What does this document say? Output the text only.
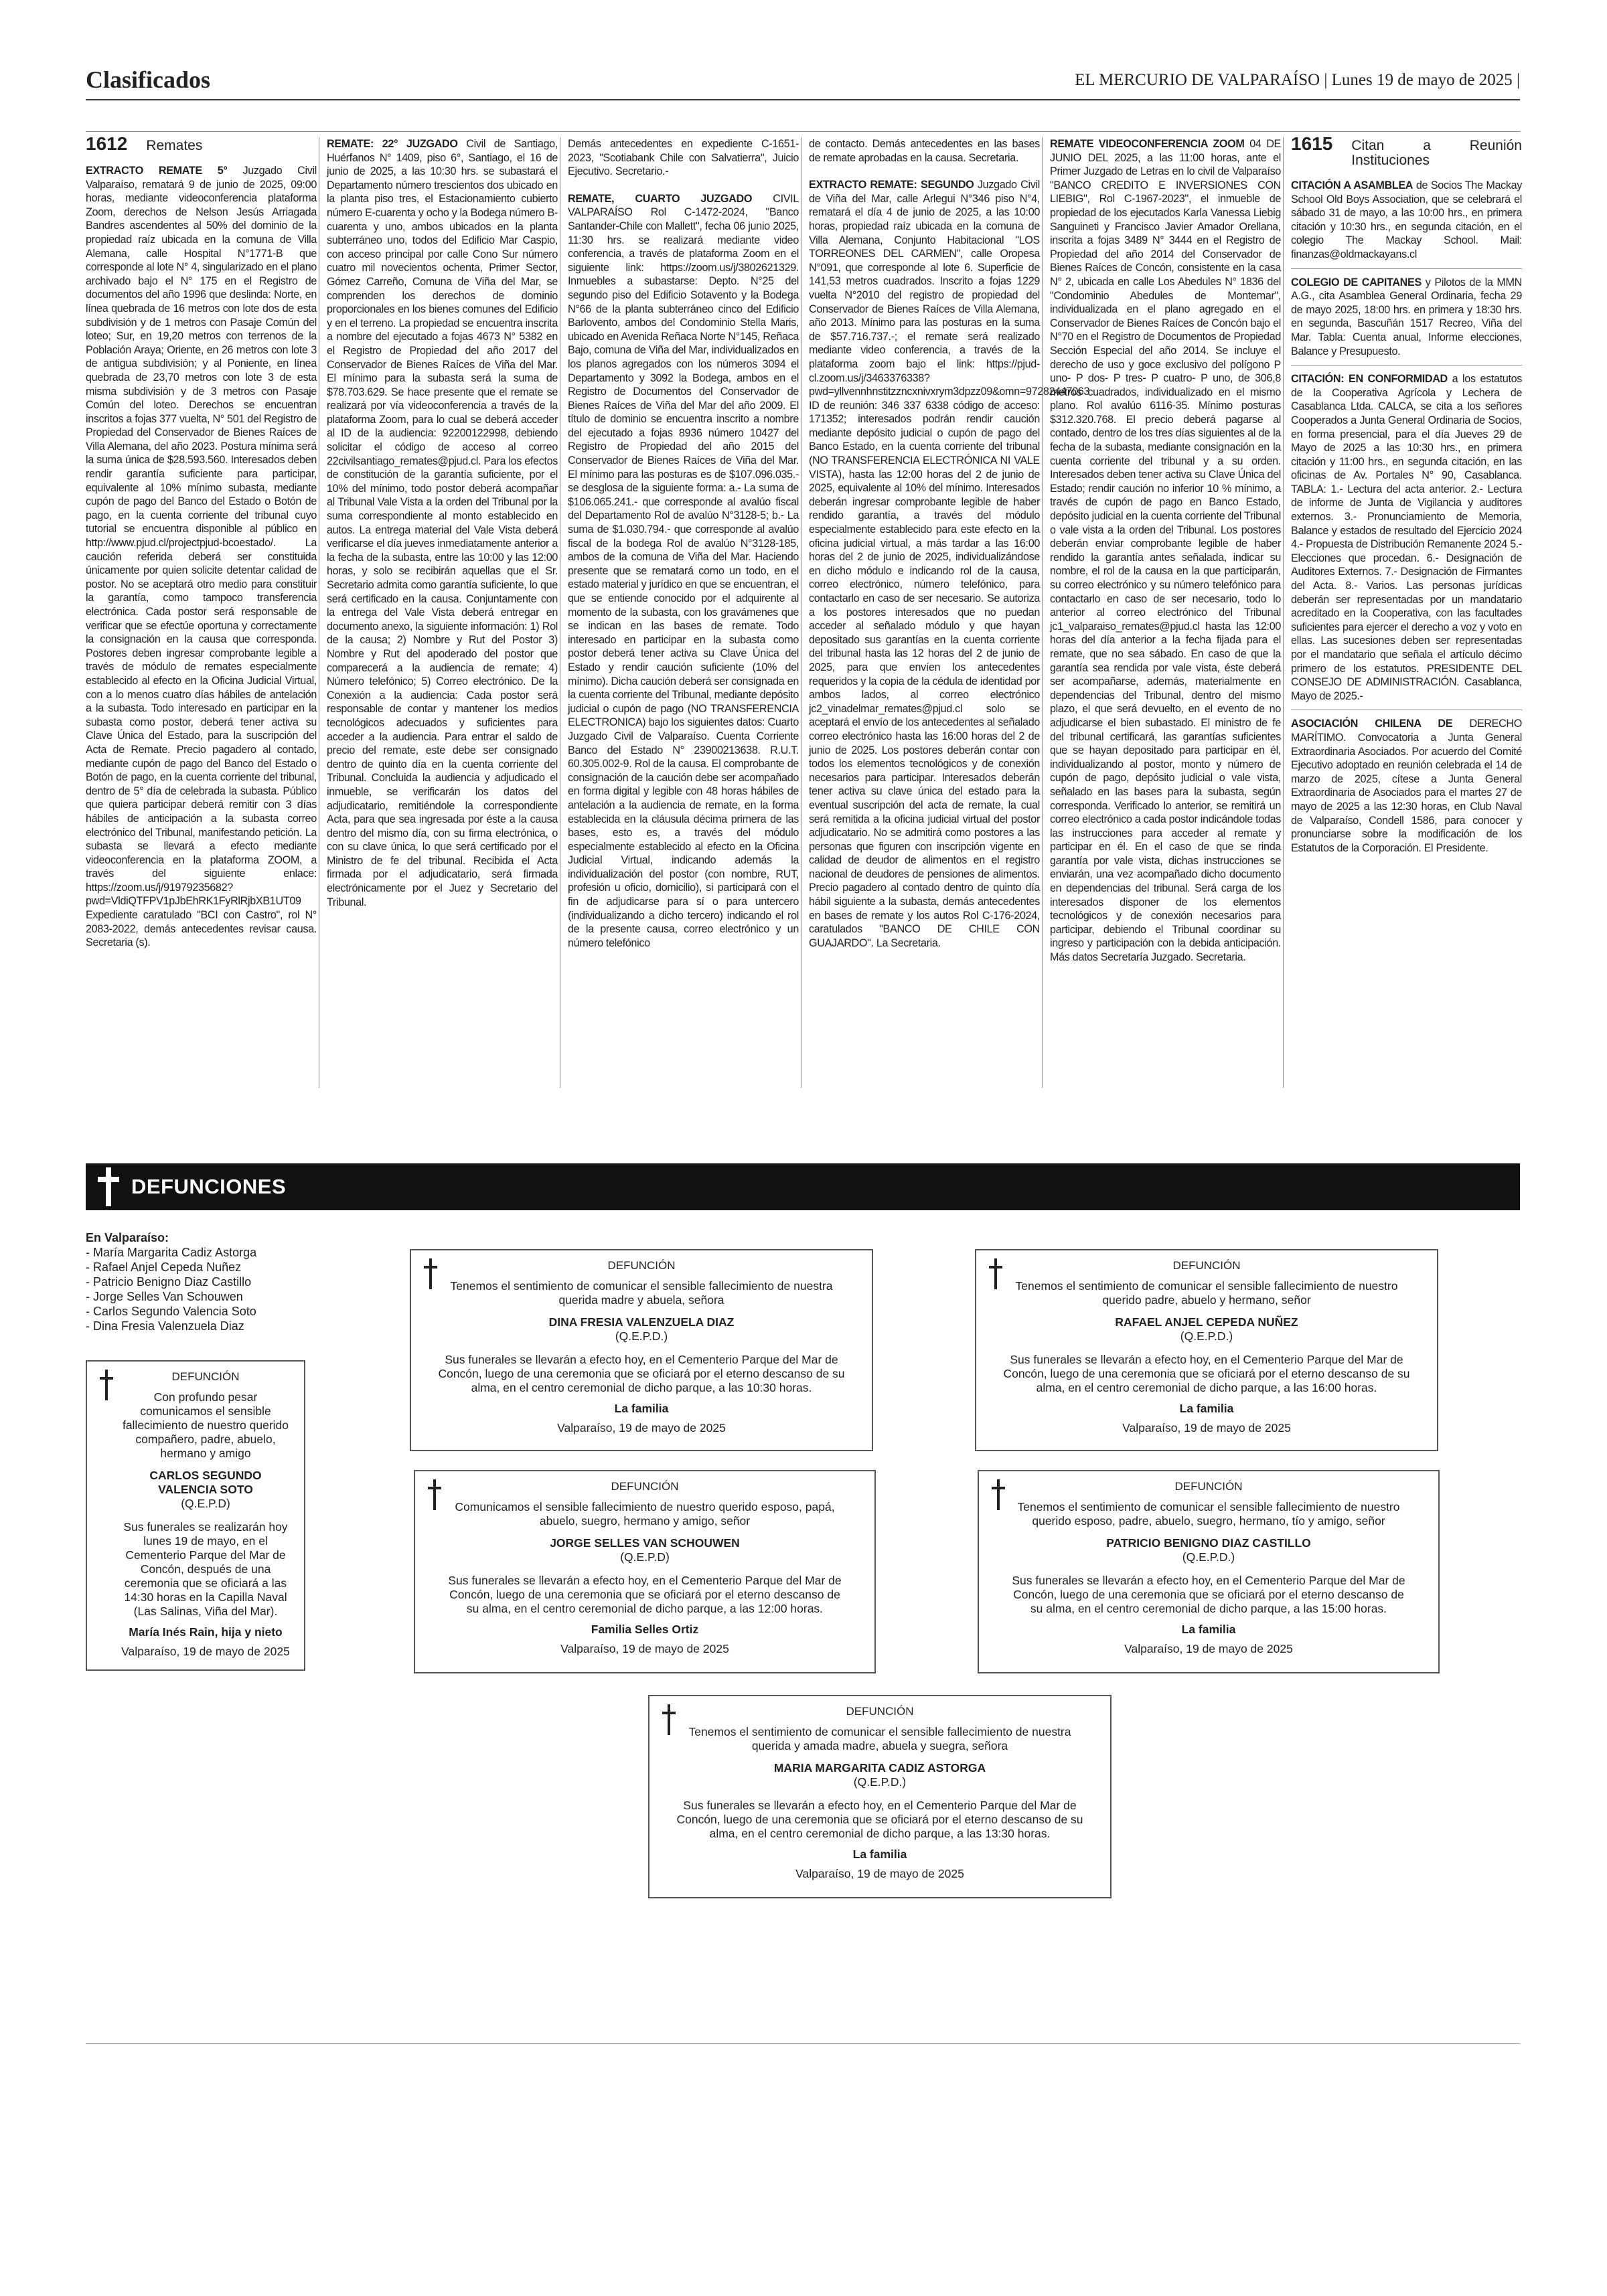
Clasificados	EL MERCURIO DE VALPARAÍSO | Lunes 19 de mayo de 2025 |
1612 Remates

EXTRACTO REMATE 5° Juzgado Civil Valparaíso, rematará 9 de junio de 2025, 09:00 horas, mediante videoconferencia plataforma Zoom, derechos de Nelson Jesús Arriagada Bandres ascendentes al 50% del dominio de la propiedad raíz ubicada en la comuna de Villa Alemana, calle Hospital N°1771-B que corresponde al lote N° 4, singularizado en el plano archivado bajo el N° 175 en el Registro de documentos del año 1996 que deslinda: Norte, en línea quebrada de 16 metros con lote dos de esta subdivisión y de 1 metros con Pasaje Común del loteo; Sur, en 19,20 metros con terrenos de la Población Araya; Oriente, en 26 metros con lote 3 de antigua subdivisión; y al Poniente, en línea quebrada de 23,70 metros con lote 3 de esta misma subdivisión y de 3 metros con Pasaje Común del loteo. Derechos se encuentran inscritos a fojas 377 vuelta, N° 501 del Registro de Propiedad del Conservador de Bienes Raíces de Villa Alemana, del año 2023. Postura mínima será la suma única de $28.593.560. Interesados deben rendir garantía suficiente para participar, equivalente al 10% mínimo subasta, mediante cupón de pago del Banco del Estado o Botón de pago, en la cuenta corriente del tribunal cuyo tutorial se encuentra disponible al público en http://www.pjud.cl/projectpjud-bcoestado/. La caución referida deberá ser constituida únicamente por quien solicite detentar calidad de postor. No se aceptará otro medio para constituir la garantía, como tampoco transferencia electrónica. Cada postor será responsable de verificar que se efectúe oportuna y correctamente la consignación en la causa que corresponda. Postores deben ingresar comprobante legible a través de módulo de remates especialmente establecido al efecto en la Oficina Judicial Virtual, con a lo menos cuatro días hábiles de antelación a la subasta. Todo interesado en participar en la subasta como postor, deberá tener activa su Clave Única del Estado, para la suscripción del Acta de Remate. Precio pagadero al contado, mediante cupón de pago del Banco del Estado o Botón de pago, en la cuenta corriente del tribunal, dentro de 5° día de celebrada la subasta. Público que quiera participar deberá remitir con 3 días hábiles de anticipación a la subasta correo electrónico del Tribunal, manifestando petición. La subasta se llevará a efecto mediante videoconferencia en la plataforma ZOOM, a través del siguiente enlace: https://zoom.us/j/91979235682?pwd=VldiQTFPV1pJbEhRK1FyRlRjbXB1UT09 Expediente caratulado "BCI con Castro", rol N° 2083-2022, demás antecedentes revisar causa. Secretaria (s).

REMATE: 22° JUZGADO Civil de Santiago, Huérfanos N° 1409, piso 6°, Santiago, el 16 de junio de 2025, a las 10:30 hrs. se subastará el Departamento número trescientos dos ubicado en la planta piso tres, el Estacionamiento cubierto número E-cuarenta y ocho y la Bodega número B-cuarenta y uno, ambos ubicados en la planta subterráneo uno, todos del Edificio Mar Caspio, con acceso principal por calle Cono Sur número cuatro mil novecientos ochenta, Primer Sector, Gómez Carreño, Comuna de Viña del Mar, se comprenden los derechos de dominio proporcionales en los bienes comunes del Edificio y en el terreno. La propiedad se encuentra inscrita a nombre del ejecutado a fojas 4673 N° 5382 en el Registro de Propiedad del año 2017 del Conservador de Bienes Raíces de Viña del Mar. El mínimo para la subasta será la suma de $78.703.629. Se hace presente que el remate se realizará por vía videoconferencia a través de la plataforma Zoom, para lo cual se deberá acceder al ID de la audiencia: 92200122998, debiendo solicitar el código de acceso al correo 22civilsantiago_remates@pjud.cl. Para los efectos de constitución de la garantía suficiente, por el 10% del mínimo, todo postor deberá acompañar al Tribunal Vale Vista a la orden del Tribunal por la suma correspondiente al monto establecido en autos. La entrega material del Vale Vista deberá verificarse el día jueves inmediatamente anterior a la fecha de la subasta, entre las 10:00 y las 12:00 horas, y solo se recibirán aquellas que el Sr. Secretario admita como garantía suficiente, lo que será certificado en la causa. Conjuntamente con la entrega del Vale Vista deberá entregar en documento anexo, la siguiente información: 1) Rol de la causa; 2) Nombre y Rut del Postor 3) Nombre y Rut del apoderado del postor que comparecerá a la audiencia de remate; 4) Número telefónico; 5) Correo electrónico. De la Conexión a la audiencia: Cada postor será responsable de contar y mantener los medios tecnológicos adecuados y suficientes para acceder a la audiencia. Para entrar el saldo de precio del remate, este debe ser consignado dentro de quinto día en la cuenta corriente del Tribunal. Concluida la audiencia y adjudicado el inmueble, se verificarán los datos del adjudicatario, remitiéndole la correspondiente Acta, para que sea ingresada por éste a la causa dentro del mismo día, con su firma electrónica, o con su clave única, lo que será certificado por el Ministro de fe del tribunal. Recibida el Acta firmada por el adjudicatario, será firmada electrónicamente por el Juez y Secretario del Tribunal.

Demás antecedentes en expediente C-1651-2023, "Scotiabank Chile con Salvatierra", Juicio Ejecutivo. Secretario.-

REMATE, CUARTO JUZGADO CIVIL VALPARAÍSO Rol C-1472-2024, "Banco Santander-Chile con Mallett", fecha 06 junio 2025, 11:30 hrs. se realizará mediante video conferencia, a través de plataforma Zoom en el siguiente link: https://zoom.us/j/3802621329. Inmuebles a subastarse: Depto. N°25 del segundo piso del Edificio Sotavento y la Bodega N°66 de la planta subterráneo cinco del Edificio Barlovento, ambos del Condominio Stella Maris, ubicado en Avenida Reñaca Norte N°145, Reñaca Bajo, comuna de Viña del Mar, individualizados en los planos agregados con los números 3094 el Departamento y 3092 la Bodega, ambos en el Registro de Documentos del Conservador de Bienes Raíces de Viña del Mar del año 2009. El título de dominio se encuentra inscrito a nombre del ejecutado a fojas 8936 número 10427 del Registro de Propiedad del año 2015 del Conservador de Bienes Raíces de Viña del Mar. El mínimo para las posturas es de $107.096.035.- se desglosa de la siguiente forma: a.- La suma de $106.065.241.- que corresponde al avalúo fiscal del Departamento Rol de avalúo N°3128-5; b.- La suma de $1.030.794.- que corresponde al avalúo fiscal de la bodega Rol de avalúo N°3128-185, ambos de la comuna de Viña del Mar. Haciendo presente que se rematará como un todo, en el estado material y jurídico en que se encuentran, el que se entiende conocido por el adquirente al momento de la subasta, con los gravámenes que se indican en las bases de remate. Todo interesado en participar en la subasta como postor deberá tener activa su Clave Única del Estado y rendir caución suficiente (10% del mínimo). Dicha caución deberá ser consignada en la cuenta corriente del Tribunal, mediante depósito judicial o cupón de pago (NO TRANSFERENCIA ELECTRONICA) bajo los siguientes datos: Cuarto Juzgado Civil de Valparaíso. Cuenta Corriente Banco del Estado N° 23900213638. R.U.T. 60.305.002-9. Rol de la causa. El comprobante de consignación de la caución debe ser acompañado en forma digital y legible con 48 horas hábiles de antelación a la audiencia de remate, en la forma establecida en la cláusula décima primera de las bases, esto es, a través del módulo especialmente establecido al efecto en la Oficina Judicial Virtual, indicando además la individualización del postor (con nombre, RUT, profesión u oficio, domicilio), si participará con el fin de adjudicarse para sí o para untercero (individualizando a dicho tercero) indicando el rol de la presente causa, correo electrónico y un número telefónico

de contacto. Demás antecedentes en las bases de remate aprobadas en la causa. Secretaria.

EXTRACTO REMATE: SEGUNDO Juzgado Civil de Viña del Mar, calle Arlegui N°346 piso N°4, rematará el día 4 de junio de 2025, a las 10:00 horas, propiedad raíz ubicada en la comuna de Villa Alemana, Conjunto Habitacional "LOS TORREONES DEL CARMEN", calle Oropesa N°091, que corresponde al lote 6. Superficie de 141,53 metros cuadrados. Inscrito a fojas 1229 vuelta N°2010 del registro de propiedad del Conservador de Bienes Raíces de Villa Alemana, año 2013. Mínimo para las posturas en la suma de $57.716.737.-; el remate será realizado mediante video conferencia, a través de la plataforma zoom bajo el link: https://pjud-cl.zoom.us/j/3463376338?pwd=yllvennhnstitzzncxnivxrym3dpzz09&omn=97282447063 ID de reunión: 346 337 6338 código de acceso: 171352; interesados podrán rendir caución mediante depósito judicial o cupón de pago del Banco Estado, en la cuenta corriente del tribunal (NO TRANSFERENCIA ELECTRÓNICA NI VALE VISTA), hasta las 12:00 horas del 2 de junio de 2025, equivalente al 10% del mínimo. Interesados deberán ingresar comprobante legible de haber rendido garantía, a través del módulo especialmente establecido para este efecto en la oficina judicial virtual, a más tardar a las 16:00 horas del 2 de junio de 2025, individualizándose en dicho módulo e indicando rol de la causa, correo electrónico, número telefónico, para contactarlo en caso de ser necesario. Se autoriza a los postores interesados que no puedan acceder al señalado módulo y que hayan depositado sus garantías en la cuenta corriente del tribunal hasta las 12 horas del 2 de junio de 2025, para que envíen los antecedentes requeridos y la copia de la cédula de identidad por ambos lados, al correo electrónico jc2_vinadelmar_remates@pjud.cl solo se aceptará el envío de los antecedentes al señalado correo electrónico hasta las 16:00 horas del 2 de junio de 2025. Los postores deberán contar con todos los elementos tecnológicos y de conexión necesarios para participar. Interesados deberán tener activa su clave única del estado para la eventual suscripción del acta de remate, la cual será remitida a la oficina judicial virtual del postor adjudicatario. No se admitirá como postores a las personas que figuren con inscripción vigente en calidad de deudor de alimentos en el registro nacional de deudores de pensiones de alimentos. Precio pagadero al contado dentro de quinto día hábil siguiente a la subasta, demás antecedentes en bases de remate y los autos Rol C-176-2024, caratulados "BANCO DE CHILE CON GUAJARDO". La Secretaria.

REMATE VIDEOCONFERENCIA ZOOM 04 DE JUNIO DEL 2025, a las 11:00 horas, ante el Primer Juzgado de Letras en lo civil de Valparaíso "BANCO CREDITO E INVERSIONES CON LIEBIG", Rol C-1967-2023", el inmueble de propiedad de los ejecutados Karla Vanessa Liebig Sanguineti y Francisco Javier Amador Orellana, inscrita a fojas 3489 N° 3444 en el Registro de Propiedad del año 2014 del Conservador de Bienes Raíces de Concón, consistente en la casa N° 2, ubicada en calle Los Abedules N° 1836 del "Condominio Abedules de Montemar", individualizada en el plano agregado en el Conservador de Bienes Raíces de Concón bajo el N°70 en el Registro de Documentos de Propiedad Sección Especial del año 2014. Se incluye el derecho de uso y goce exclusivo del polígono P uno- P dos- P tres- P cuatro- P uno, de 306,8 metros cuadrados, individualizado en el mismo plano. Rol avalúo 6116-35. Mínimo posturas $312.320.768. El precio deberá pagarse al contado, dentro de los tres días siguientes al de la fecha de la subasta, mediante consignación en la cuenta corriente del tribunal y a su orden. Interesados deben tener activa su Clave Única del Estado; rendir caución no inferior 10 % mínimo, a través de cupón de pago en Banco Estado, depósito judicial en la cuenta corriente del Tribunal o vale vista a la orden del Tribunal. Los postores deberán enviar comprobante legible de haber rendido la garantía antes señalada, indicar su nombre, el rol de la causa en la que participarán, su correo electrónico y su número telefónico para contactarlo en caso de ser necesario, todo lo anterior al correo electrónico del Tribunal jc1_valparaiso_remates@pjud.cl hasta las 12:00 horas del día anterior a la fecha fijada para el remate, que no sea sábado. En caso de que la garantía sea rendida por vale vista, éste deberá ser acompañarse, además, materialmente en dependencias del Tribunal, dentro del mismo plazo, el que será devuelto, en el evento de no adjudicarse el bien subastado. El ministro de fe del tribunal certificará, las garantías suficientes que se hayan depositado para participar en él, individualizando al postor, monto y número de cupón de pago, depósito judicial o vale vista, señalado en las bases para la subasta, según corresponda. Verificado lo anterior, se remitirá un correo electrónico a cada postor indicándole todas las instrucciones para acceder al remate y participar en él. En el caso de que se rinda garantía por vale vista, dichas instrucciones se enviarán, una vez acompañado dicho documento en dependencias del tribunal. Será carga de los interesados disponer de los elementos tecnológicos y de conexión necesarios para participar, debiendo el Tribunal coordinar su ingreso y participación con la debida anticipación. Más datos Secretaría Juzgado. Secretaria.

1615 Citan a Reunión Instituciones

CITACIÓN A ASAMBLEA de Socios The Mackay School Old Boys Association, que se celebrará el sábado 31 de mayo, a las 10:00 hrs., en primera citación y 10:30 hrs., en segunda citación, en el colegio The Mackay School. Mail: finanzas@oldmackayans.cl

COLEGIO DE CAPITANES y Pilotos de la MMN A.G., cita Asamblea General Ordinaria, fecha 29 de mayo 2025, 18:00 hrs. en primera y 18:30 hrs. en segunda, Bascuñán 1517 Recreo, Viña del Mar. Tabla: Cuenta anual, Informe elecciones, Balance y Presupuesto.

CITACIÓN: EN CONFORMIDAD a los estatutos de la Cooperativa Agrícola y Lechera de Casablanca Ltda. CALCA, se cita a los señores Cooperados a Junta General Ordinaria de Socios, en forma presencial, para el día Jueves 29 de Mayo de 2025 a las 10:30 hrs., en primera citación y 11:00 hrs., en segunda citación, en las oficinas de Av. Portales N° 90, Casablanca. TABLA: 1.- Lectura del acta anterior. 2.- Lectura de informe de Junta de Vigilancia y auditores externos. 3.- Pronunciamiento de Memoria, Balance y estados de resultado del Ejercicio 2024 4.- Propuesta de Distribución Remanente 2024 5.- Elecciones que procedan. 6.- Designación de Auditores Externos. 7.- Designación de Firmantes del Acta. 8.- Varios. Las personas jurídicas deberán ser representadas por un mandatario acreditado en la Cooperativa, con las facultades suficientes para ejercer el derecho a voz y voto en ellas. Las sucesiones deben ser representadas por el mandatario que señala el artículo décimo primero de los estatutos. PRESIDENTE DEL CONSEJO DE ADMINISTRACIÓN. Casablanca, Mayo de 2025.-

ASOCIACIÓN CHILENA DE DERECHO MARÍTIMO. Convocatoria a Junta General Extraordinaria Asociados. Por acuerdo del Comité Ejecutivo adoptado en reunión celebrada el 14 de marzo de 2025, cítese a Junta General Extraordinaria de Asociados para el martes 27 de mayo de 2025 a las 12:30 horas, en Club Naval de Valparaíso, Condell 1586, para conocer y pronunciarse sobre la modificación de los Estatutos de la Corporación. El Presidente.

DEFUNCIONES
En Valparaíso:
- María Margarita Cadiz Astorga
- Rafael Anjel Cepeda Nuñez
- Patricio Benigno Diaz Castillo
- Jorge Selles Van Schouwen
- Carlos Segundo Valencia Soto
- Dina Fresia Valenzuela Diaz
DEFUNCIÓN
Tenemos el sentimiento de comunicar el sensible fallecimiento de nuestra querida madre y abuela, señora
DINA FRESIA VALENZUELA DIAZ
(Q.E.P.D.)
Sus funerales se llevarán a efecto hoy, en el Cementerio Parque del Mar de Concón, luego de una ceremonia que se oficiará por el eterno descanso de su alma, en el centro ceremonial de dicho parque, a las 10:30 horas.
La familia
Valparaíso, 19 de mayo de 2025
DEFUNCIÓN
Tenemos el sentimiento de comunicar el sensible fallecimiento de nuestro querido padre, abuelo y hermano, señor
RAFAEL ANJEL CEPEDA NUÑEZ
(Q.E.P.D.)
Sus funerales se llevarán a efecto hoy, en el Cementerio Parque del Mar de Concón, luego de una ceremonia que se oficiará por el eterno descanso de su alma, en el centro ceremonial de dicho parque, a las 16:00 horas.
La familia
Valparaíso, 19 de mayo de 2025
DEFUNCIÓN
Con profundo pesar comunicamos el sensible fallecimiento de nuestro querido compañero, padre, abuelo, hermano y amigo
CARLOS SEGUNDO VALENCIA SOTO
(Q.E.P.D)
Sus funerales se realizarán hoy lunes 19 de mayo, en el Cementerio Parque del Mar de Concón, después de una ceremonia que se oficiará a las 14:30 horas en la Capilla Naval (Las Salinas, Viña del Mar).
María Inés Rain, hija y nieto
Valparaíso, 19 de mayo de 2025
DEFUNCIÓN
Comunicamos el sensible fallecimiento de nuestro querido esposo, papá, abuelo, suegro, hermano y amigo, señor
JORGE SELLES VAN SCHOUWEN
(Q.E.P.D)
Sus funerales se llevarán a efecto hoy, en el Cementerio Parque del Mar de Concón, luego de una ceremonia que se oficiará por el eterno descanso de su alma, en el centro ceremonial de dicho parque, a las 12:00 horas.
Familia Selles Ortiz
Valparaíso, 19 de mayo de 2025
DEFUNCIÓN
Tenemos el sentimiento de comunicar el sensible fallecimiento de nuestro querido esposo, padre, abuelo, suegro, hermano, tío y amigo, señor
PATRICIO BENIGNO DIAZ CASTILLO
(Q.E.P.D.)
Sus funerales se llevarán a efecto hoy, en el Cementerio Parque del Mar de Concón, luego de una ceremonia que se oficiará por el eterno descanso de su alma, en el centro ceremonial de dicho parque, a las 15:00 horas.
La familia
Valparaíso, 19 de mayo de 2025
DEFUNCIÓN
Tenemos el sentimiento de comunicar el sensible fallecimiento de nuestra querida y amada madre, abuela y suegra, señora
MARIA MARGARITA CADIZ ASTORGA
(Q.E.P.D.)
Sus funerales se llevarán a efecto hoy, en el Cementerio Parque del Mar de Concón, luego de una ceremonia que se oficiará por el eterno descanso de su alma, en el centro ceremonial de dicho parque, a las 13:30 horas.
La familia
Valparaíso, 19 de mayo de 2025
